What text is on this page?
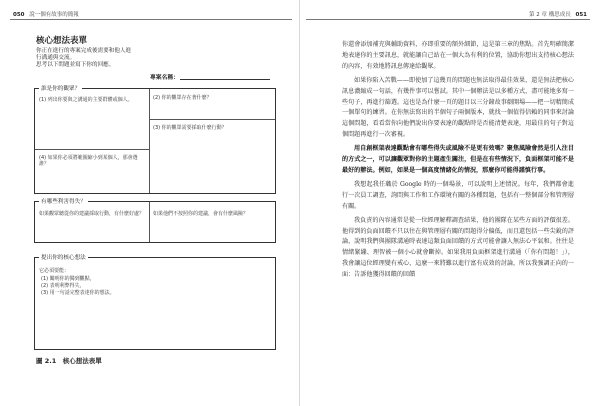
050 說一個有故事的簡報	第 2 章 構思成長 051
核心想法表單
你正在進行的專案完成後需要和他人進
行溝通與交流。
思考以下問題並寫下你的回應。
專案名稱：
誰是你的觀眾？
(1) 列出你要與之溝通的主要群體或個人。	(2) 你的觀眾存在著什麼？
(3) 你的觀眾需要採取什麼行動？
(4) 如果你必須將範圍縮小到某個人，那會選誰？
有哪些利害得失？
如果觀眾聽從你的建議採取行動，有什麼好處？ 如果他們不按照你的建議，會有什麼風險？
提出你的核心想法
它必須要能：
(1) 闡明你的獨到觀點，
(2) 表明利弊得失，
(3) 用一句話完整表達你的想法。
圖 2.1　核心想法表單

你還會添加補充與輔助資料，亦即重要的額外細節，這是第三章的焦點。首先明確簡潔地表達你的主要訊息，就能讓自己站在一個大為有利的位置，協助你想出支持核心想法的內容，有效地將訊息傳達給觀眾。

如果你陷入苦戰——即使加了這幾頁的問題也無法取得最佳效果，還是無法把核心訊息濃縮成一句話，有幾件事可以嘗試。其中一個辦法是以多種方式，盡可能地多寫一些句子，再進行篩選。這也是為什麼一頁的題目以三分鐘故事劇開場——把一切精簡成一個單句的練習。在你無法寫出的半個句子兩個版本，就找一個值得信賴的同事來討論這個問題，看看當你向他們說出你要表達的觀點時是否能清楚表達，用最佳的句子對這個問題再進行一次審視。

用自創框架表達觀點會有哪些得失或風險不是更有效嗎？聚焦風險會然是引人注目的方式之一，可以讓觀眾對你的主題產生關注，但是在有些情況下，負面框架可能不是最好的辦法。例如，如果是一個高度情緒化的情況，那麼你可能得謹慎行事。

我想起我任職於 Google 時的一個場景，可以說明上述情況。每年，我們都會進行一次員工調查，詢問與工作和工作環境有關的各種問題，包括有一整個部分和管理層有關。

我負責的內容通常是從一位經理解釋調查結果，他的團隊在某些方面的評價很差。他得到的負面回饋不只以往在與管理層有關的問題得分偏低，而且還包括一些尖銳的評論，說明我們與團隊溝通時表達這類負面回饋的方式可能會讓人無法心平氣和。往往是情緒緊繃、理智被一個小心就會斷掉。如果我用負面框架進行溝通（「你有問題！」），我會讓這位經理變有戒心，這麼一來將難以進行富有成效的討論，所以我強調正向的一面：告訴他獲得回饋的回饋
